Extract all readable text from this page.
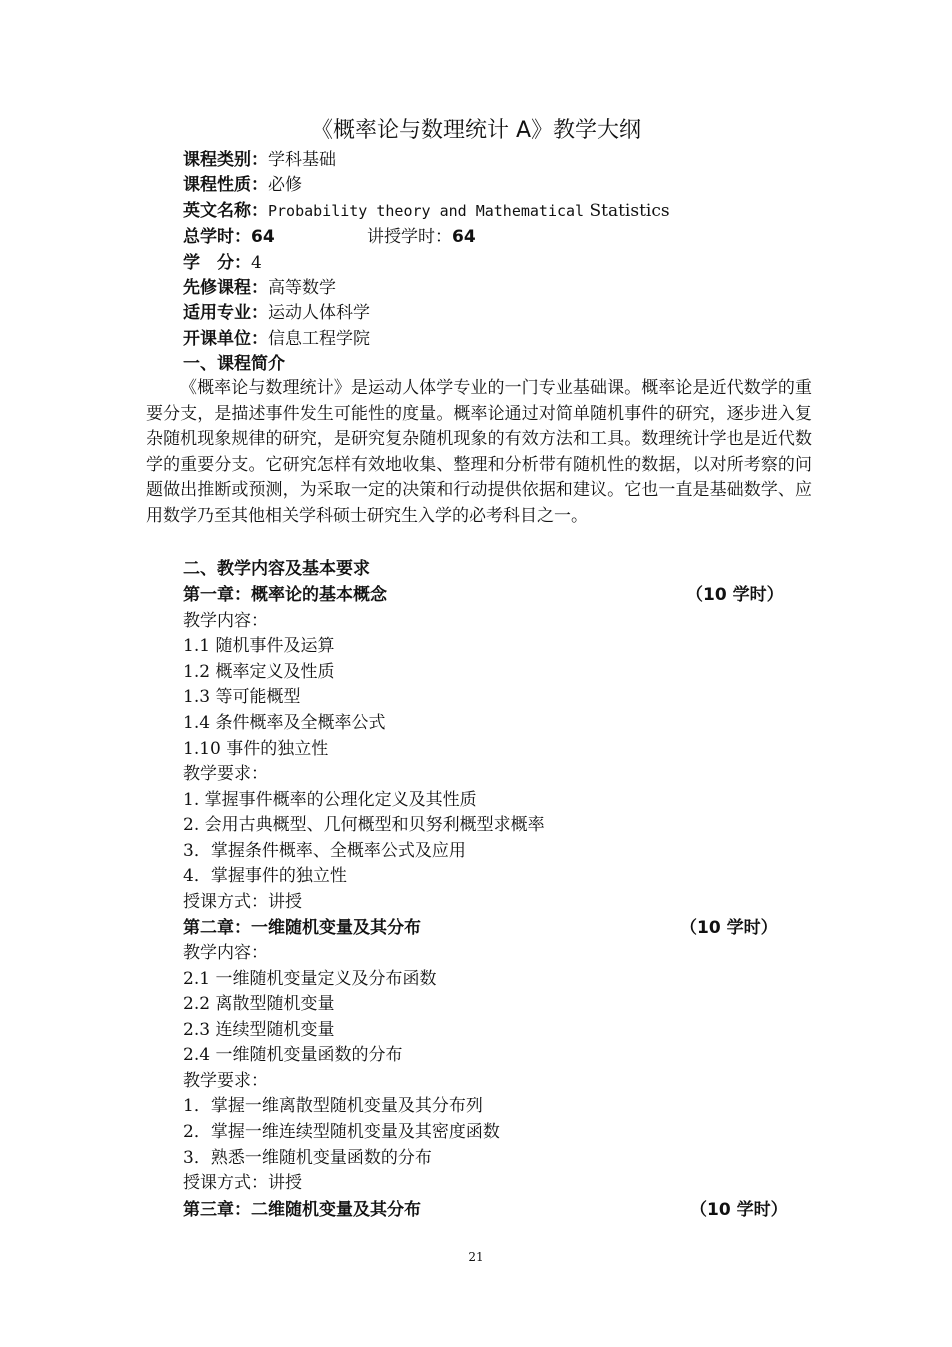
《概率论与数理统计 A》教学大纲
课程类别：学科基础
课程性质：必修
英文名称：Probability theory and Mathematical Statistics
总学时：64	讲授学时：64
学　分：4
先修课程：高等数学
适用专业：运动人体科学
开课单位：信息工程学院
一、课程简介
《概率论与数理统计》是运动人体学专业的一门专业基础课。概率论是近代数学的重要分支，是描述事件发生可能性的度量。概率论通过对简单随机事件的研究，逐步进入复杂随机现象规律的研究，是研究复杂随机现象的有效方法和工具。数理统计学也是近代数学的重要分支。它研究怎样有效地收集、整理和分析带有随机性的数据，以对所考察的问题做出推断或预测，为采取一定的决策和行动提供依据和建议。它也一直是基础数学、应用数学乃至其他相关学科硕士研究生入学的必考科目之一。
二、教学内容及基本要求
第一章：概率论的基本概念	（10 学时）
教学内容：
1.1 随机事件及运算
1.2 概率定义及性质
1.3 等可能概型
1.4 条件概率及全概率公式
1.10 事件的独立性
教学要求：
1. 掌握事件概率的公理化定义及其性质
2. 会用古典概型、几何概型和贝努利概型求概率
3．掌握条件概率、全概率公式及应用
4．掌握事件的独立性
授课方式：讲授
第二章：一维随机变量及其分布	（10 学时）
教学内容：
2.1 一维随机变量定义及分布函数
2.2 离散型随机变量
2.3 连续型随机变量
2.4 一维随机变量函数的分布
教学要求：
1．掌握一维离散型随机变量及其分布列
2．掌握一维连续型随机变量及其密度函数
3．熟悉一维随机变量函数的分布
授课方式：讲授
第三章：二维随机变量及其分布	（10 学时）
21
